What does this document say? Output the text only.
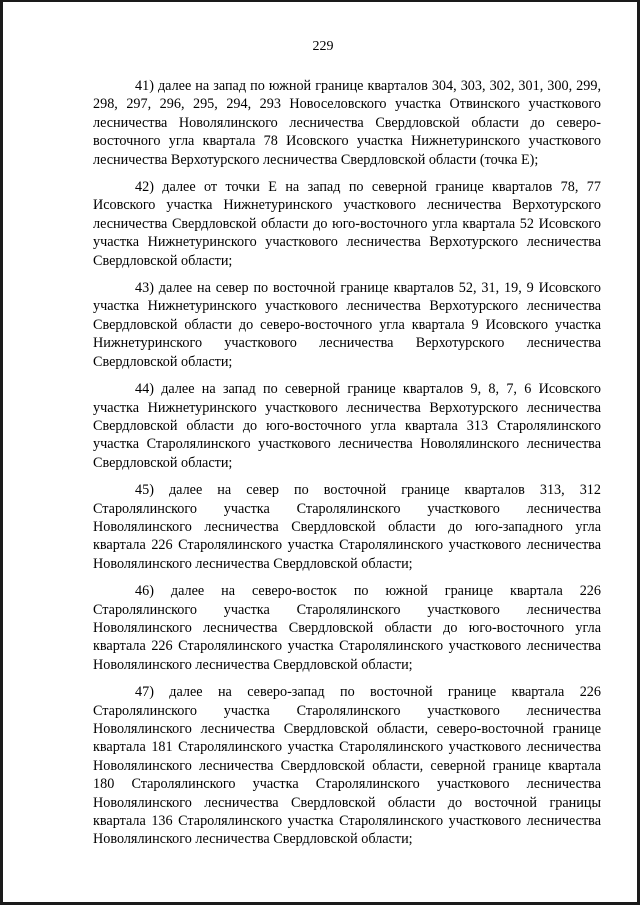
229

41) далее на запад по южной границе кварталов 304, 303, 302, 301, 300, 299, 298, 297, 296, 295, 294, 293 Новоселовского участка Отвинского участкового лесничества Новолялинского лесничества Свердловской области до северо-восточного угла квартала 78 Исовского участка Нижнетуринского участкового лесничества Верхотурского лесничества Свердловской области (точка Е);

42) далее от точки Е на запад по северной границе кварталов 78, 77 Исовского участка Нижнетуринского участкового лесничества Верхотурского лесничества Свердловской области до юго-восточного угла квартала 52 Исовского участка Нижнетуринского участкового лесничества Верхотурского лесничества Свердловской области;

43) далее на север по восточной границе кварталов 52, 31, 19, 9 Исовского участка Нижнетуринского участкового лесничества Верхотурского лесничества Свердловской области до северо-восточного угла квартала 9 Исовского участка Нижнетуринского участкового лесничества Верхотурского лесничества Свердловской области;

44) далее на запад по северной границе кварталов 9, 8, 7, 6 Исовского участка Нижнетуринского участкового лесничества Верхотурского лесничества Свердловской области до юго-восточного угла квартала 313 Старолялинского участка Старолялинского участкового лесничества Новолялинского лесничества Свердловской области;

45) далее на север по восточной границе кварталов 313, 312 Старолялинского участка Старолялинского участкового лесничества Новолялинского лесничества Свердловской области до юго-западного угла квартала 226 Старолялинского участка Старолялинского участкового лесничества Новолялинского лесничества Свердловской области;

46) далее на северо-восток по южной границе квартала 226 Старолялинского участка Старолялинского участкового лесничества Новолялинского лесничества Свердловской области до юго-восточного угла квартала 226 Старолялинского участка Старолялинского участкового лесничества Новолялинского лесничества Свердловской области;

47) далее на северо-запад по восточной границе квартала 226 Старолялинского участка Старолялинского участкового лесничества Новолялинского лесничества Свердловской области, северо-восточной границе квартала 181 Старолялинского участка Старолялинского участкового лесничества Новолялинского лесничества Свердловской области, северной границе квартала 180 Старолялинского участка Старолялинского участкового лесничества Новолялинского лесничества Свердловской области до восточной границы квартала 136 Старолялинского участка Старолялинского участкового лесничества Новолялинского лесничества Свердловской области;
